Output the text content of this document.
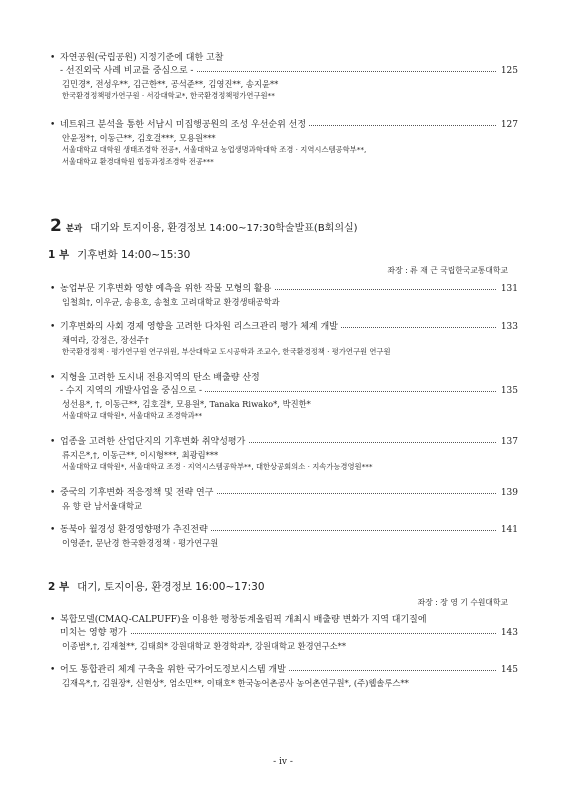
• 자연공원(국립공원) 지정기준에 대한 고찰
- 선진외국 사례 비교를 중심으로 -	125
김민경*, 전성우**, 김근한**, 공석준**, 김영진**, 송지윤**
한국환경정책평가연구원 · 서강대학교*, 한국환경정책평가연구원**
• 네트워크 분석을 통한 서남시 미집행공원의 조성 우선순위 선정	127
안윤정*†, 이동근**, 김호걸***, 모용원***
서울대학교 대학원 생태조경학 전공*, 서울대학교 농업생명과학대학 조경 · 지역시스템공학부**,
서울대학교 환경대학원 협동과정조경학 전공***
2 분과 대기와 토지이용, 환경정보 14:00~17:30학술발표(B회의실)
1 부 기후변화 14:00~15:30
좌장 : 류 재 근 국립한국교통대학교
• 농업부문 기후변화 영향 예측을 위한 작물 모형의 활용	131
임철희†, 이우균, 송용호, 송철호 고려대학교 환경생태공학과
• 기후변화의 사회 경제 영향을 고려한 다차원 리스크관리 평가 체계 개발	133
채여라, 강정은, 장선주†
한국환경정책 · 평가연구원 연구위원, 부산대학교 도시공학과 조교수, 한국환경정책 · 평가연구원 연구원
• 지형을 고려한 도시내 전용지역의 탄소 배출량 산정
- 수지 지역의 개발사업을 중심으로 -	135
성선용*, †, 이동근**, 김호걸*, 모용원*, Tanaka Riwako*, 박진한*
서울대학교 대학원*, 서울대학교 조경학과**
• 업종을 고려한 산업단지의 기후변화 취약성평가	137
류지은*,†, 이동근**, 이시형***, 최광림***
서울대학교 대학원*, 서울대학교 조경 · 지역시스템공학부**, 대한상공회의소 · 지속가능경영원***
• 중국의 기후변화 적응정책 및 전략 연구	139
유 향 란 남서울대학교
• 동북아 월경성 환경영향평가 추진전략	141
이영준†, 문난경 한국환경정책 · 평가연구원
2 부 대기, 토지이용, 환경정보 16:00~17:30
좌장 : 장 영 기 수원대학교
• 복합모델(CMAQ-CALPUFF)을 이용한 평창동계올림픽 개최시 배출량 변화가 지역 대기질에
미치는 영향 평가	143
이종범*,†, 김재철**, 김태희* 강원대학교 환경학과*, 강원대학교 환경연구소**
• 어도 통합관리 체계 구축을 위한 국가어도정보시스템 개발	145
김재옥*,†, 김원장*, 신현상*, 엄소민**, 이태호* 한국농어촌공사 농어촌연구원*, (주)웹솔루스**
- iv -
